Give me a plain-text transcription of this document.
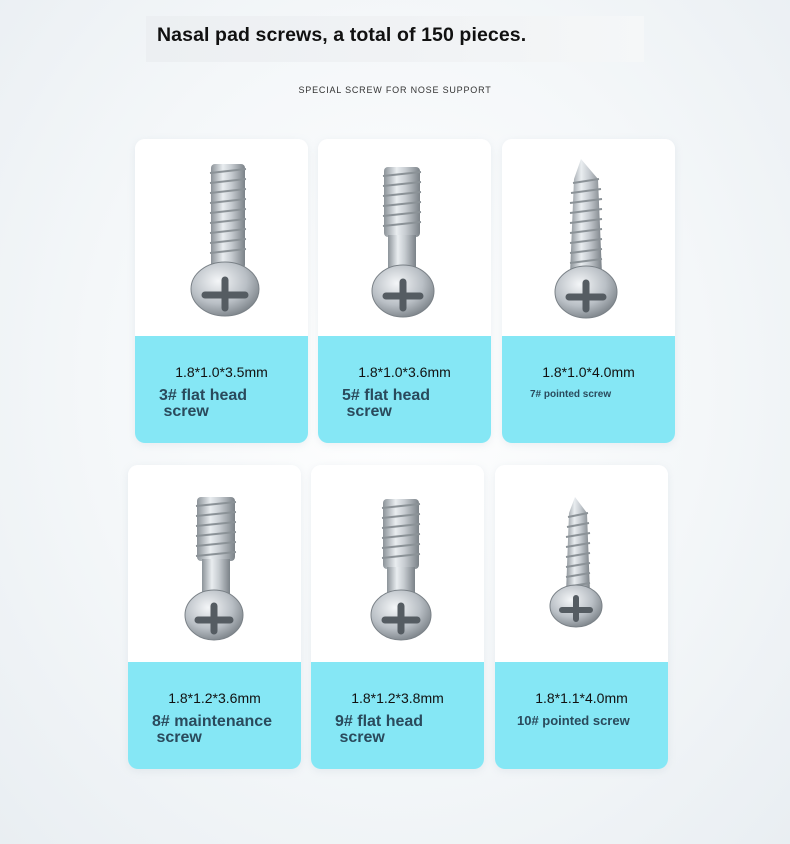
Nasal pad screws, a total of 150 pieces.
SPECIAL SCREW FOR NOSE SUPPORT
1.8*1.0*3.5mm
3# flat head
screw
1.8*1.0*3.6mm
5# flat head
screw
1.8*1.0*4.0mm
7# pointed screw
1.8*1.2*3.6mm
8# maintenance
screw
1.8*1.2*3.8mm
9# flat head
screw
1.8*1.1*4.0mm
10# pointed screw
